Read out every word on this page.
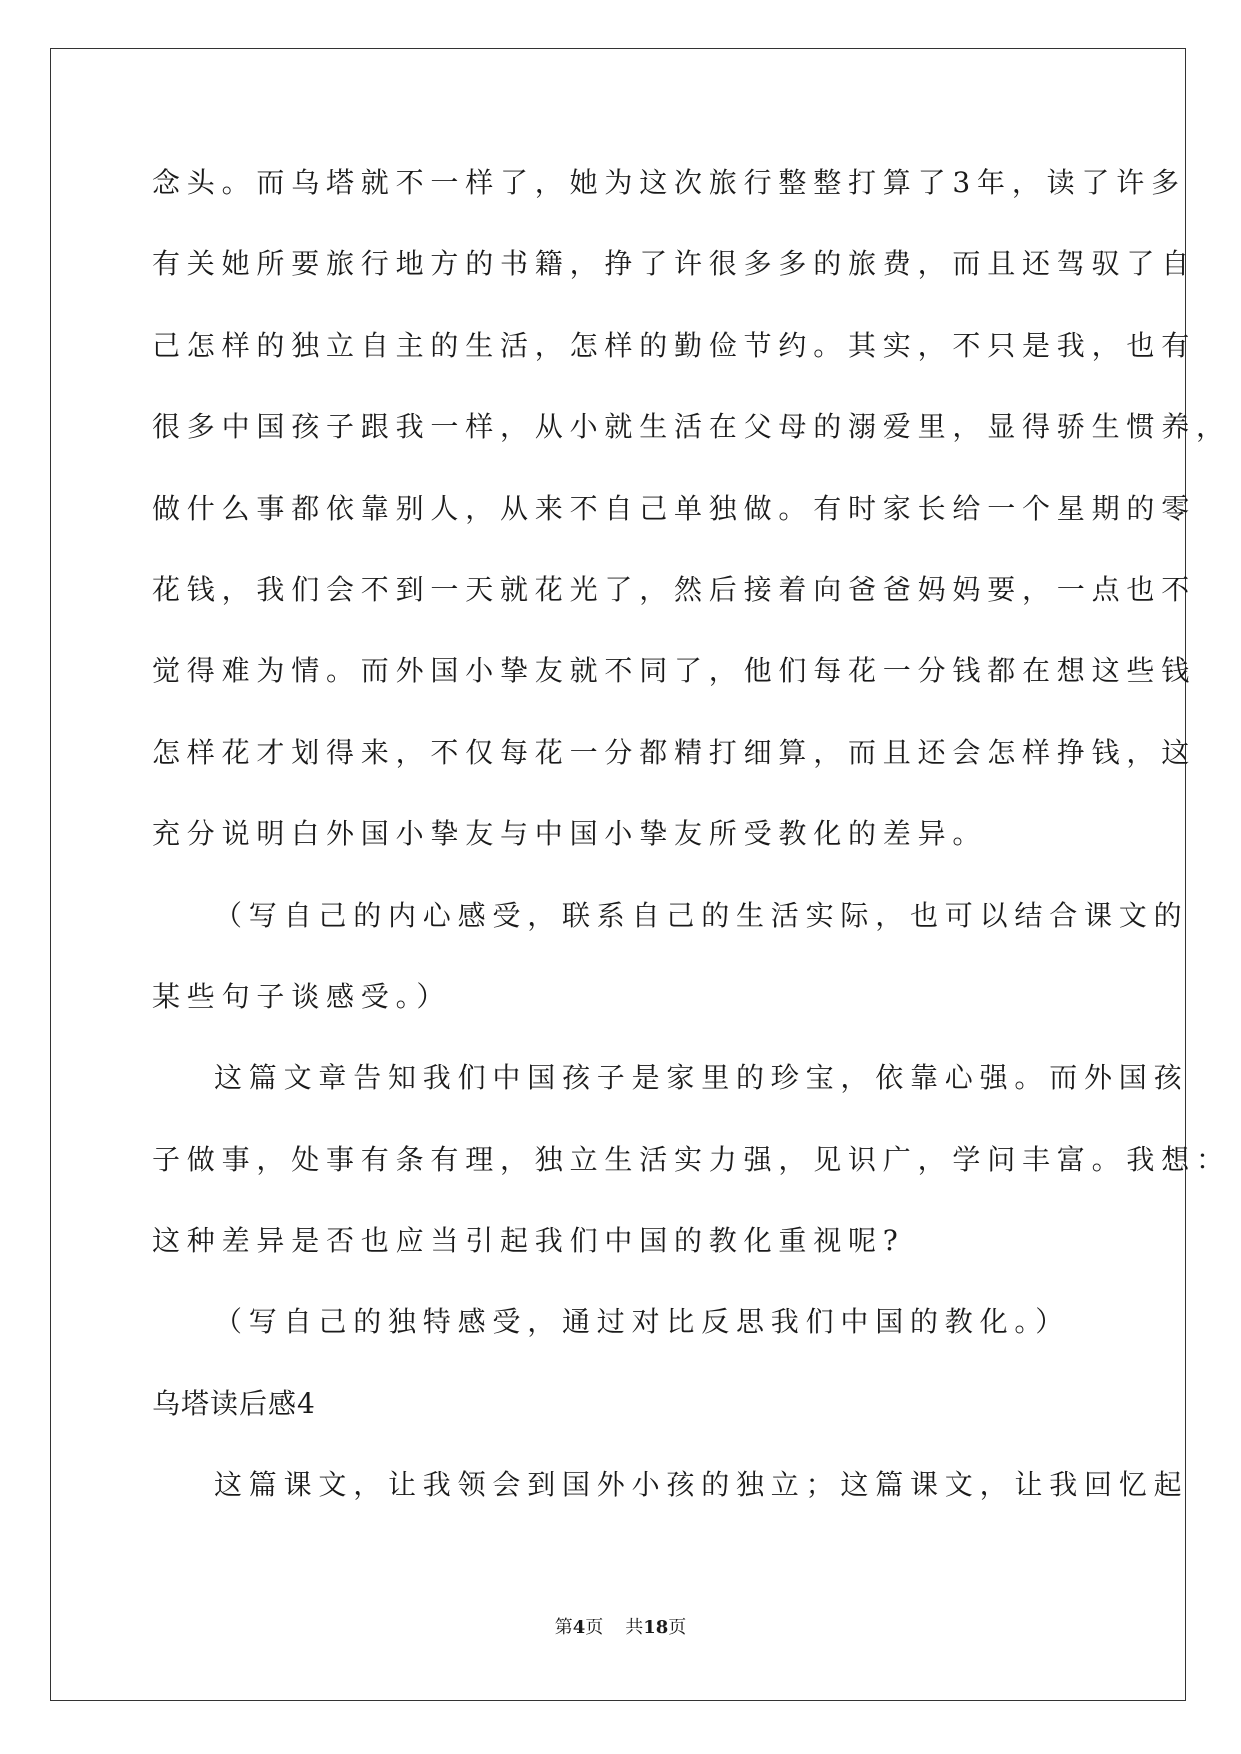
念头。而乌塔就不一样了，她为这次旅行整整打算了3年，读了许多
有关她所要旅行地方的书籍，挣了许很多多的旅费，而且还驾驭了自
己怎样的独立自主的生活，怎样的勤俭节约。其实，不只是我，也有
很多中国孩子跟我一样，从小就生活在父母的溺爱里，显得骄生惯养，
做什么事都依靠别人，从来不自己单独做。有时家长给一个星期的零
花钱，我们会不到一天就花光了，然后接着向爸爸妈妈要，一点也不
觉得难为情。而外国小挚友就不同了，他们每花一分钱都在想这些钱
怎样花才划得来，不仅每花一分都精打细算，而且还会怎样挣钱，这
充分说明白外国小挚友与中国小挚友所受教化的差异。
（写自己的内心感受，联系自己的生活实际，也可以结合课文的
某些句子谈感受。）
这篇文章告知我们中国孩子是家里的珍宝，依靠心强。而外国孩
子做事，处事有条有理，独立生活实力强，见识广，学问丰富。我想：
这种差异是否也应当引起我们中国的教化重视呢?
（写自己的独特感受，通过对比反思我们中国的教化。）
乌塔读后感4
这篇课文，让我领会到国外小孩的独立；这篇课文，让我回忆起
第4页 共18页
